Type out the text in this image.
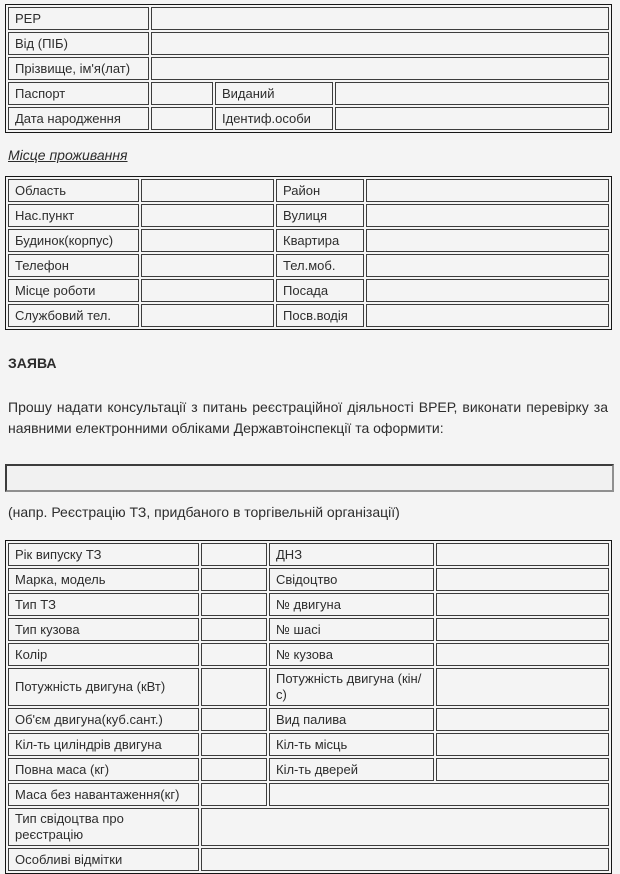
РЕР			
Від (ПІБ)			
Прізвище, ім'я(лат)			
Паспорт		Виданий	
Дата народження		Ідентиф.особи	
Місце проживання
Область		Район	
Нас.пункт		Вулиця	
Будинок(корпус)		Квартира	
Телефон		Тел.моб.	
Місце роботи		Посада	
Службовий тел.		Посв.водія	
ЗАЯВА

Прошу надати консультації з питань реєстраційної діяльності ВРЕР, виконати перевірку за наявними електронними обліками Державтоінспекції та оформити:

(напр. Реєстрацію ТЗ, придбаного в торгівельній організації)
Рік випуску ТЗ		ДНЗ	
Марка, модель		Свідоцтво	
Тип ТЗ		№ двигуна	
Тип кузова		№ шасі	
Колір		№ кузова	
Потужність двигуна (кВт)		Потужність двигуна (кін/с)	
Об'єм двигуна(куб.сант.)		Вид палива	
Кіл-ть циліндрів двигуна		Кіл-ть місць	
Повна маса (кг)		Кіл-ть дверей	
Маса без навантаження(кг)			
Тип свідоцтва про реєстрацію			
Особливі відмітки			
